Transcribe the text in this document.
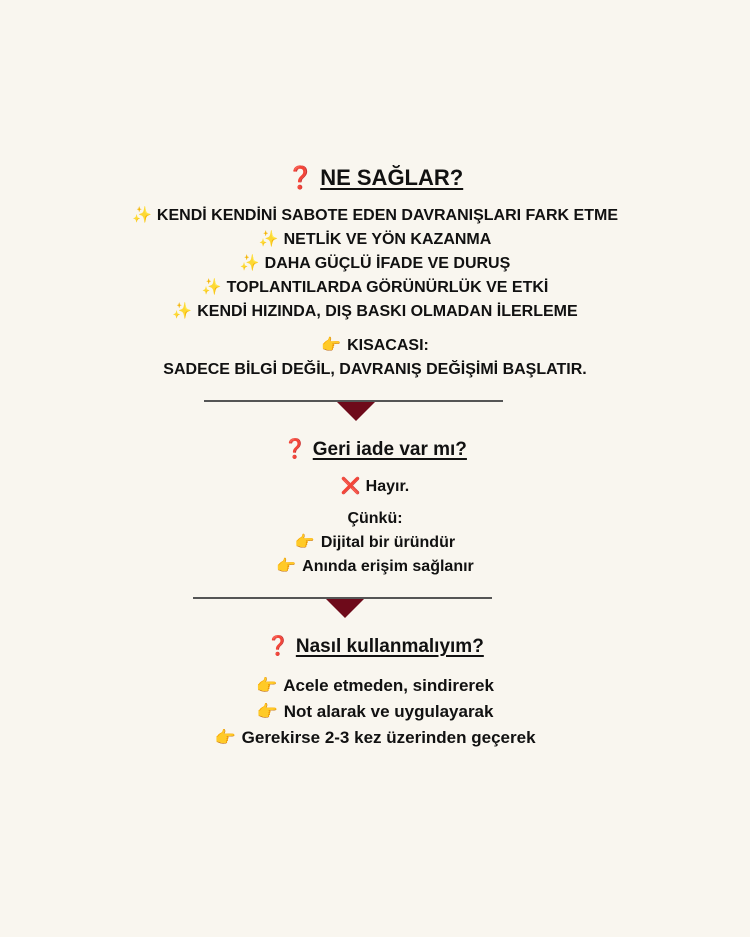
❓ NE SAĞLAR?
✨ KENDİ KENDİNİ SABOTE EDEN DAVRANIŞLARI FARK ETME
✨ NETLİK VE YÖN KAZANMA
✨ DAHA GÜÇLÜ İFADE VE DURUŞ
✨ TOPLANTILARDA GÖRÜNÜRLÜK VE ETKİ
✨ KENDİ HIZINDA, DIŞ BASKI OLMADAN İLERLEME
👉 KISACASI:
SADECE BİLGİ DEĞİL, DAVRANIŞ DEĞİŞİMİ BAŞLATIR.
❓ Geri iade var mı?
❌ Hayır.
Çünkü:
👉 Dijital bir üründür
👉 Anında erişim sağlanır
❓ Nasıl kullanmalıyım?
👉 Acele etmeden, sindirerek
👉 Not alarak ve uygulayarak
👉 Gerekirse 2-3 kez üzerinden geçerek
